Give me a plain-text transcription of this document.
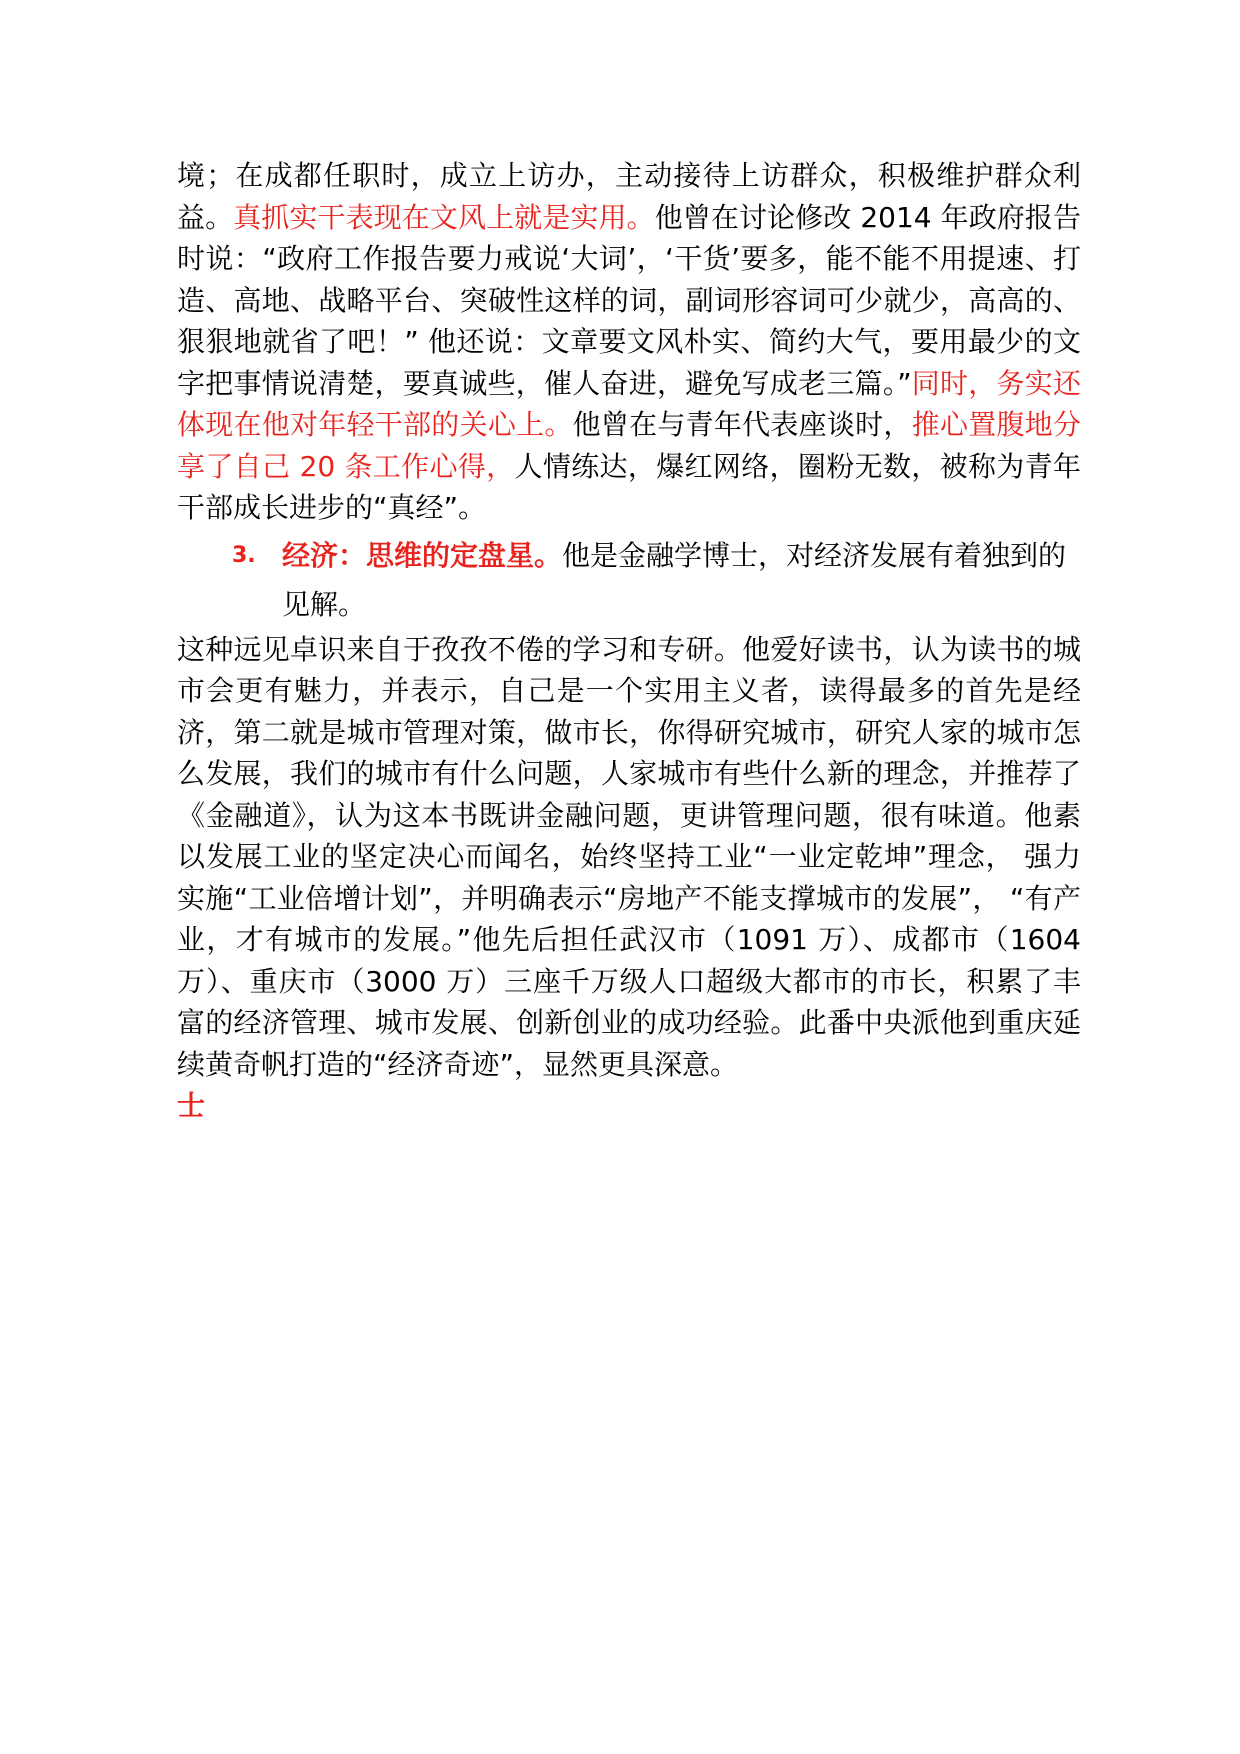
境；在成都任职时，成立上访办，主动接待上访群众，积极维护群众利益。真抓实干表现在文风上就是实用。他曾在讨论修改 2014 年政府报告时说：“政府工作报告要力戒说‘大词’，‘干货’要多，能不能不用提速、打造、高地、战略平台、突破性这样的词，副词形容词可少就少，高高的、狠狠地就省了吧！” 他还说：文章要文风朴实、简约大气，要用最少的文字把事情说清楚，要真诚些，催人奋进，避免写成老三篇。”同时，务实还体现在他对年轻干部的关心上。他曾在与青年代表座谈时，推心置腹地分享了自己 20 条工作心得，人情练达，爆红网络，圈粉无数，被称为青年干部成长进步的“真经”。

3. 经济：思维的定盘星。他是金融学博士，对经济发展有着独到的见解。

这种远见卓识来自于孜孜不倦的学习和专研。他爱好读书，认为读书的城市会更有魅力，并表示，自己是一个实用主义者，读得最多的首先是经济，第二就是城市管理对策，做市长，你得研究城市，研究人家的城市怎么发展，我们的城市有什么问题，人家城市有些什么新的理念，并推荐了《金融道》，认为这本书既讲金融问题，更讲管理问题，很有味道。他素以发展工业的坚定决心而闻名，始终坚持工业“一业定乾坤”理念， 强力实施“工业倍增计划”，并明确表示“房地产不能支撑城市的发展”， “有产业，才有城市的发展。”他先后担任武汉市（1091 万）、成都市（1604 万）、重庆市（3000 万）三座千万级人口超级大都市的市长，积累了丰富的经济管理、城市发展、创新创业的成功经验。此番中央派他到重庆延续黄奇帆打造的“经济奇迹”，显然更具深意。

士
